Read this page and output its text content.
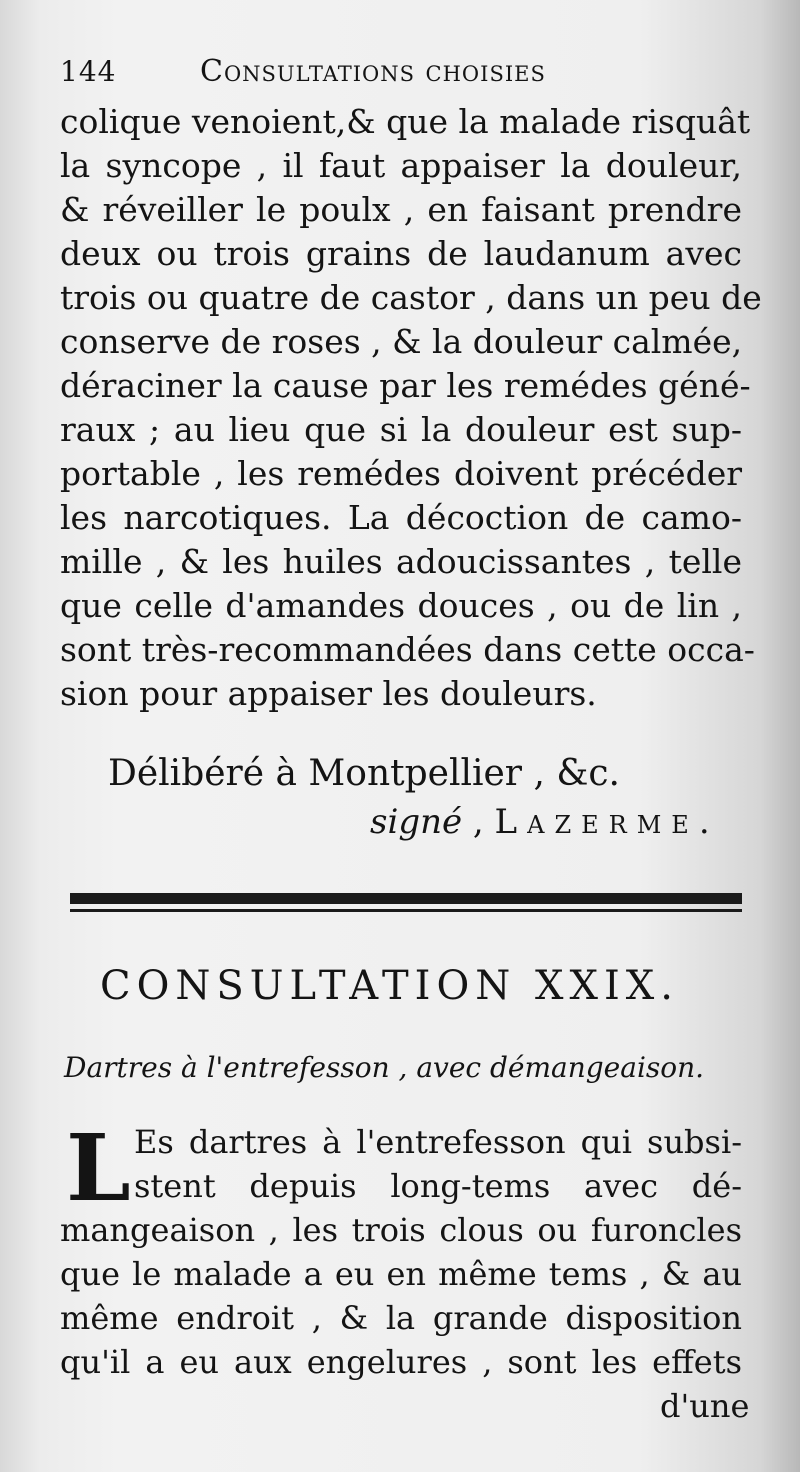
144	Consultations choisies
colique venoient,& que la malade risquât
la syncope , il faut appaiser la douleur,
& réveiller le poulx , en faisant prendre
deux ou trois grains de laudanum avec
trois ou quatre de castor , dans un peu de
conserve de roses , & la douleur calmée,
déraciner la cause par les remédes géné-
raux ; au lieu que si la douleur est sup-
portable , les remédes doivent précéder
les narcotiques. La décoction de camo-
mille , & les huiles adoucissantes , telle
que celle d'amandes douces , ou de lin ,
sont très-recommandées dans cette occa-
sion pour appaiser les douleurs.
Délibéré à Montpellier , &c.
signé , Lazerme.
CONSULTATION XXIX.
Dartres à l'entrefesson , avec démangeaison.
L Es dartres à l'entrefesson qui subsi-
stent depuis long-tems avec dé-
mangeaison , les trois clous ou furoncles
que le malade a eu en même tems , & au
même endroit , & la grande disposition
qu'il a eu aux engelures , sont les effets
d'une
